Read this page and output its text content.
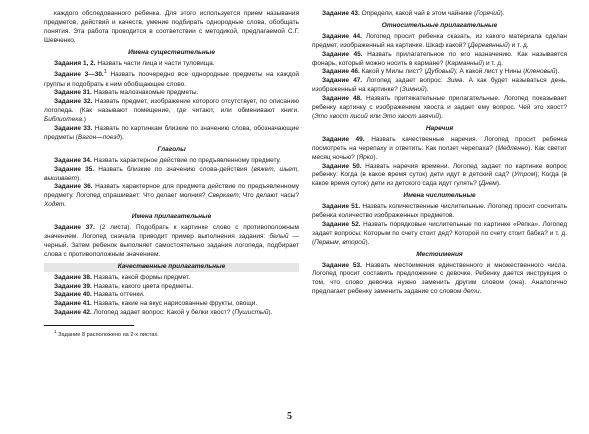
каждого обследованного ребенка. Для этого используется прием называния предметов, действий и качеств, умение подбирать однородные слова, обобщать понятия. Эта работа проводится в соответствии с методикой, предлагаемой С.Г. Шевченко.

Имена существительные

Задания 1, 2. Назвать части лица и части туловища.

Задание 3—30.$^1$ Назвать поочередно все однородные предметы на каждой группы и подобрать к ним обобщающее слово.

Задание 31. Назвать малознакомые предметы.

Задание 32. Назвать предмет, изображение которого отсутствует, по описанию логопеда. (Как называют помещение, где читают, или обменивают книги. Библиотека.)

Задание 33. Назвать по картинкам близкие по значению слова, обозначающие предметы (Вагон—поезд).

Глаголы

Задание 34. Назвать характерное действие по предъявленному предмету.

Задание 35. Назвать близкие по значению слова-действия (вяжет, шьет, вышивает).

Задание 36. Назвать характерное для предмета действие по предъявленному предмету. Логопед спрашивает: Что делает молния? Сверкает; Что делают часы? Ходят.

Имена прилагательные

Задание 37. (2 листа). Подобрать к картинке слово с противоположным значением. Логопед сначала приводит пример выполнения задания: белый — черный. Затем ребенок выполняет самостоятельно задания логопеда, подбирает слова с противоположным значением.

Качественные прилагательные

Задание 38. Назвать, какой формы предмет.

Задание 39. Назвать, какого цвета предметы.

Задание 40. Назвать оттенки.

Задание 41. Назвать, какие на вкус нарисованные фрукты, овощи.

Задание 42. Логопед задает вопрос: Какой у белки хвост? (Пушистый).

$^1$ Задание 8 расположено на 2-х листах.

Задание 43. Определи, какой чай в этом чайнике (Горячий).

Относительные прилагательные

Задание 44. Логопед просит ребенка сказать, из какого материала сделан предмет, изображенный на картинке. Шкаф какой? (Деревянный) и т. д.

Задание 45. Назвать прилагательное по его назначению. Как называется фонарь, который можно носить в кармане? (Карманный) и т. д.

Задание 46. Какой у Милы лист? (Дубовый); А какой лист у Нины (Кленовый).

Задание 47. Логопед задает вопрос: Зима. А как будет называться день, изображенный на картинке? (Зимний).

Задание 48. Назвать притяжательные прилагательные. Логопед показывает ребенку картинку с изображением хвоста и задает ему вопрос. Чей это хвост? (Это хвост лисий или Это хвост заячий).

Наречия

Задание 49. Назвать качественные наречия. Логопед просит ребенка посмотреть на черепаху и ответить: Как ползет черепаха? (Медленно). Как светит месяц ночью? (Ярко).

Задание 50. Назвать наречия времени. Логопед задает по картинке вопрос ребенку: Когда (в какое время суток) дети идут в детский сад? (Утром); Когда (в какое время суток) дети из детского сада идут гулять? (Днем).

Имена числительные

Задание 51. Назвать количественные числительные. Логопед просит сосчитать ребенка количество изображенных предметов.

Задание 52. Назвать порядковые числительные по картинке «Репка». Логопед задает вопросы: Которым по счету стоит дед? Которой по счету стоит бабка? и т. д. (Первым, второй).

Местоимения

Задание 53. Назвать местоимения единственного и множественного числа. Логопед просит составить предложение с девочке. Ребенку дается инструкция о том, что слово девочка нужно заменить другим словом (она). Аналогично предлагает ребенку заменить задание со словом дети.

5
